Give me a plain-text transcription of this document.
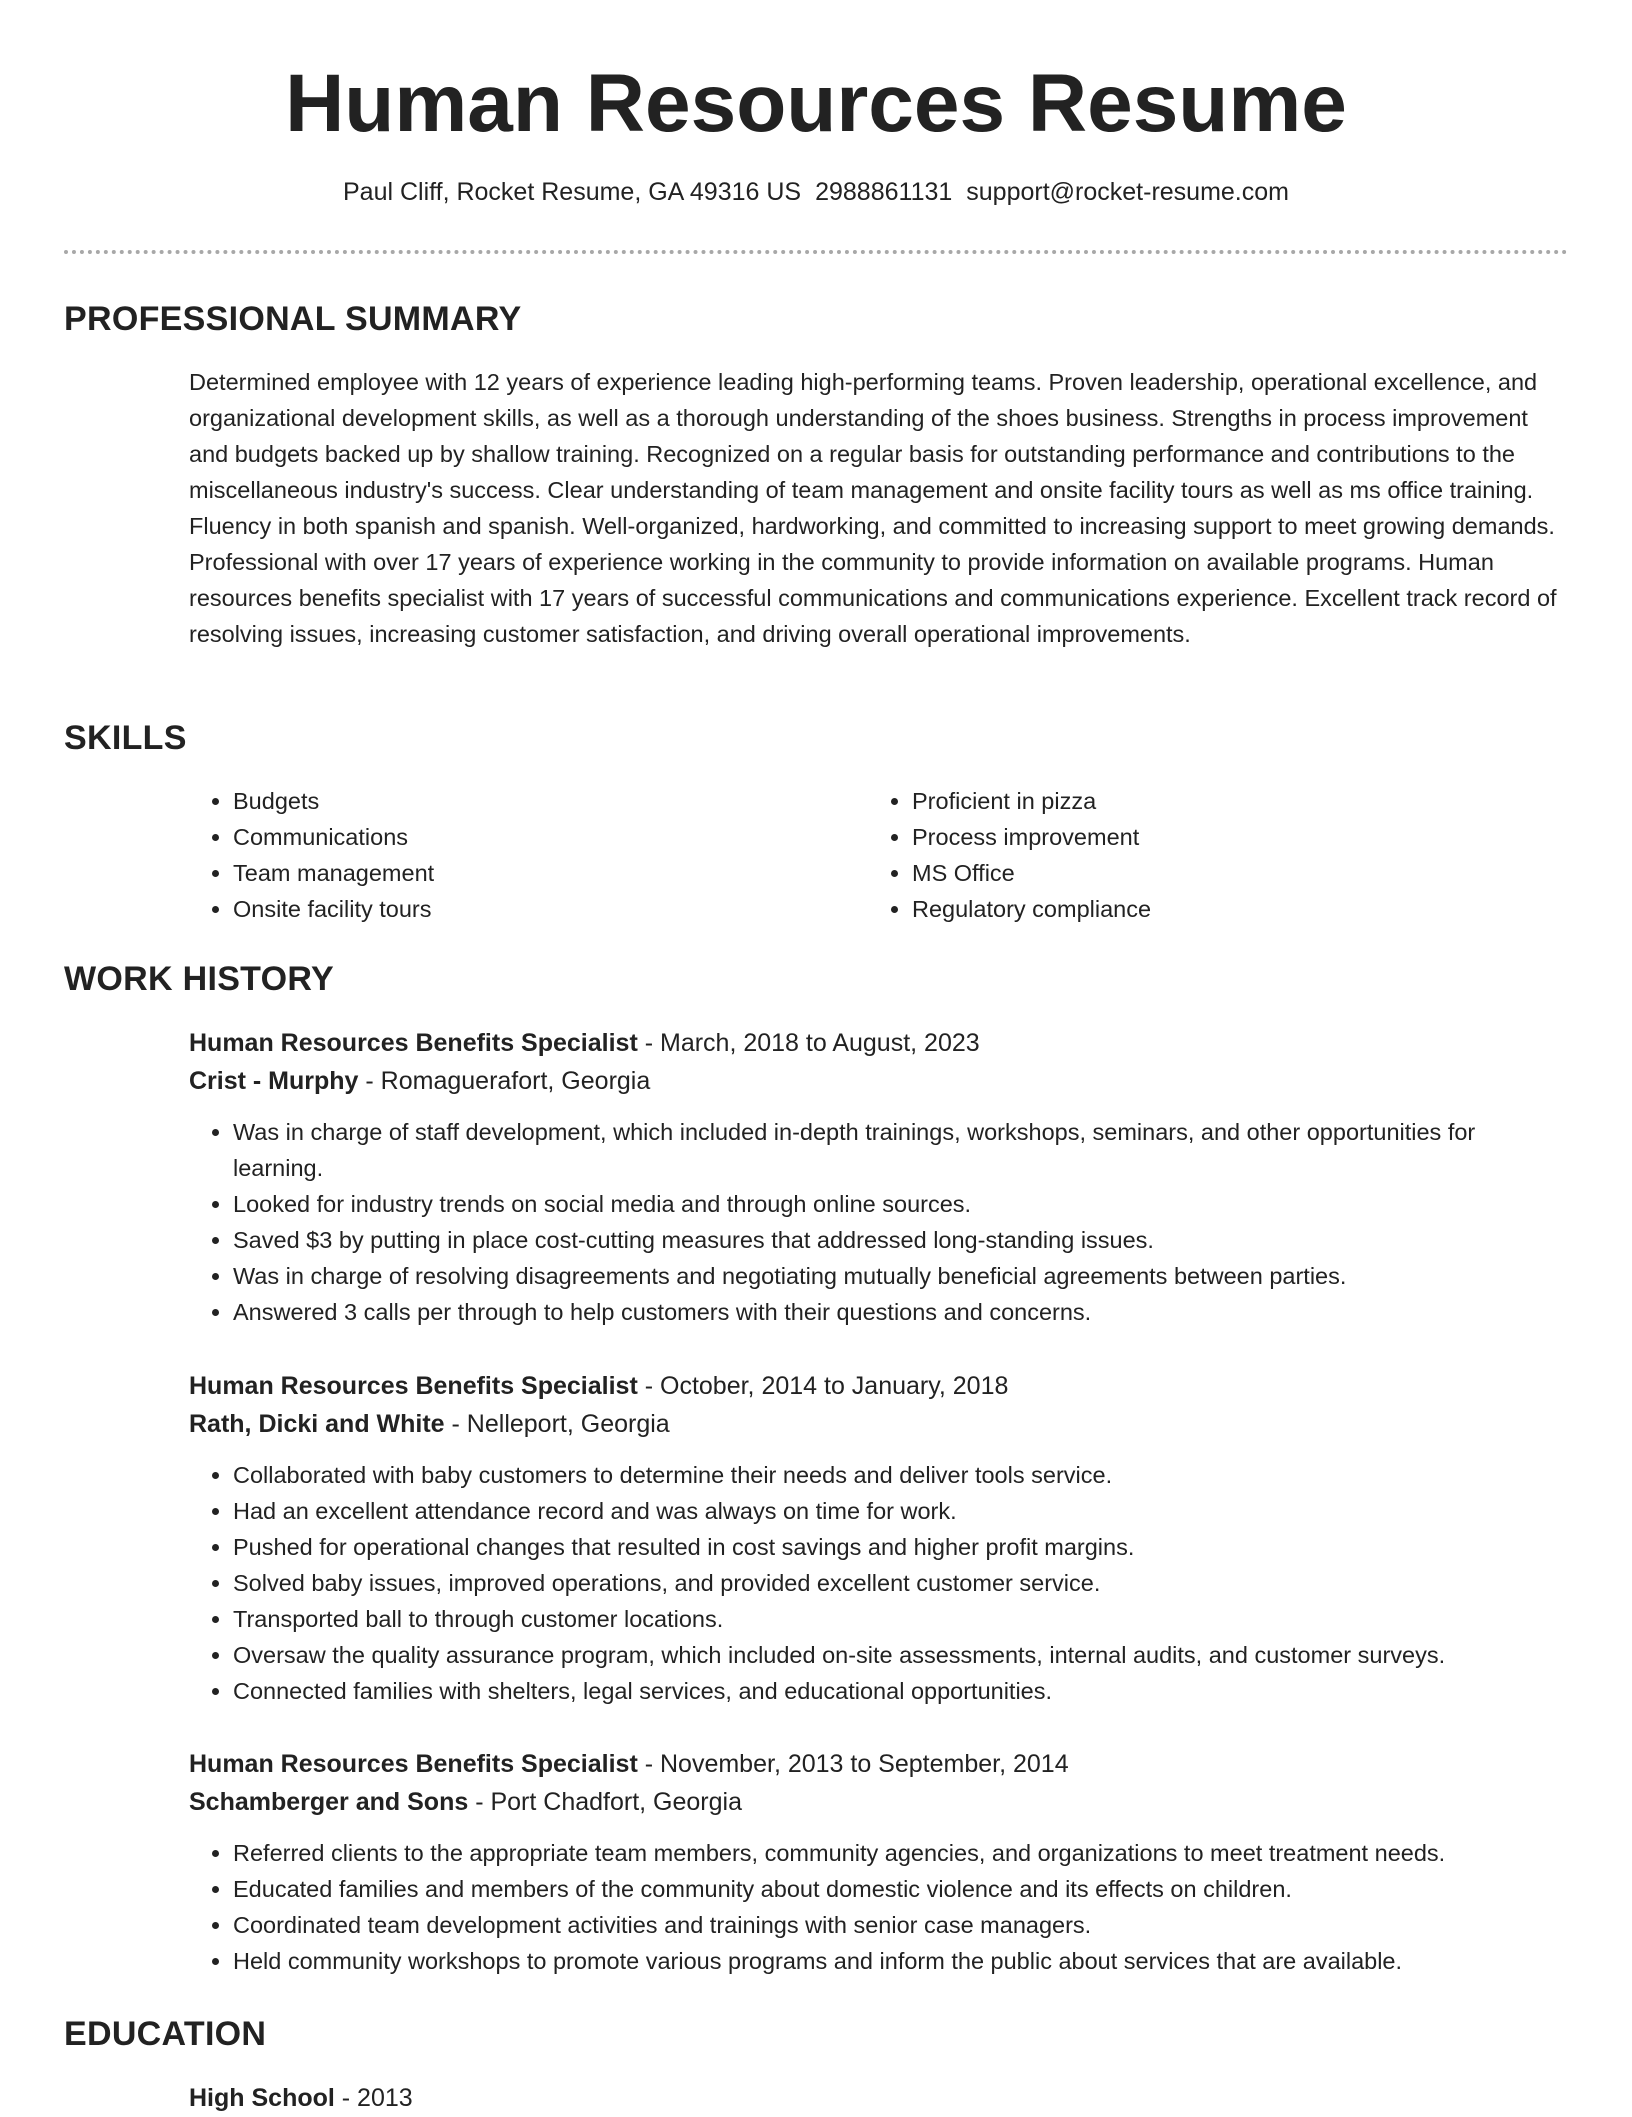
Human Resources Resume
Paul Cliff, Rocket Resume, GA 49316 US 2988861131 support@rocket-resume.com
PROFESSIONAL SUMMARY

Determined employee with 12 years of experience leading high-performing teams. Proven leadership, operational excellence, and organizational development skills, as well as a thorough understanding of the shoes business. Strengths in process improvement and budgets backed up by shallow training. Recognized on a regular basis for outstanding performance and contributions to the miscellaneous industry's success. Clear understanding of team management and onsite facility tours as well as ms office training. Fluency in both spanish and spanish. Well-organized, hardworking, and committed to increasing support to meet growing demands. Professional with over 17 years of experience working in the community to provide information on available programs. Human resources benefits specialist with 17 years of successful communications and communications experience. Excellent track record of resolving issues, increasing customer satisfaction, and driving overall operational improvements.

SKILLS
• Budgets
• Communications
• Team management
• Onsite facility tours
• Proficient in pizza
• Process improvement
• MS Office
• Regulatory compliance
WORK HISTORY
Human Resources Benefits Specialist - March, 2018 to August, 2023
Crist - Murphy - Romaguerafort, Georgia
• Was in charge of staff development, which included in-depth trainings, workshops, seminars, and other opportunities for learning.
• Looked for industry trends on social media and through online sources.
• Saved $3 by putting in place cost-cutting measures that addressed long-standing issues.
• Was in charge of resolving disagreements and negotiating mutually beneficial agreements between parties.
• Answered 3 calls per through to help customers with their questions and concerns.
Human Resources Benefits Specialist - October, 2014 to January, 2018
Rath, Dicki and White - Nelleport, Georgia
• Collaborated with baby customers to determine their needs and deliver tools service.
• Had an excellent attendance record and was always on time for work.
• Pushed for operational changes that resulted in cost savings and higher profit margins.
• Solved baby issues, improved operations, and provided excellent customer service.
• Transported ball to through customer locations.
• Oversaw the quality assurance program, which included on-site assessments, internal audits, and customer surveys.
• Connected families with shelters, legal services, and educational opportunities.
Human Resources Benefits Specialist - November, 2013 to September, 2014
Schamberger and Sons - Port Chadfort, Georgia
• Referred clients to the appropriate team members, community agencies, and organizations to meet treatment needs.
• Educated families and members of the community about domestic violence and its effects on children.
• Coordinated team development activities and trainings with senior case managers.
• Held community workshops to promote various programs and inform the public about services that are available.
EDUCATION
High School - 2013
